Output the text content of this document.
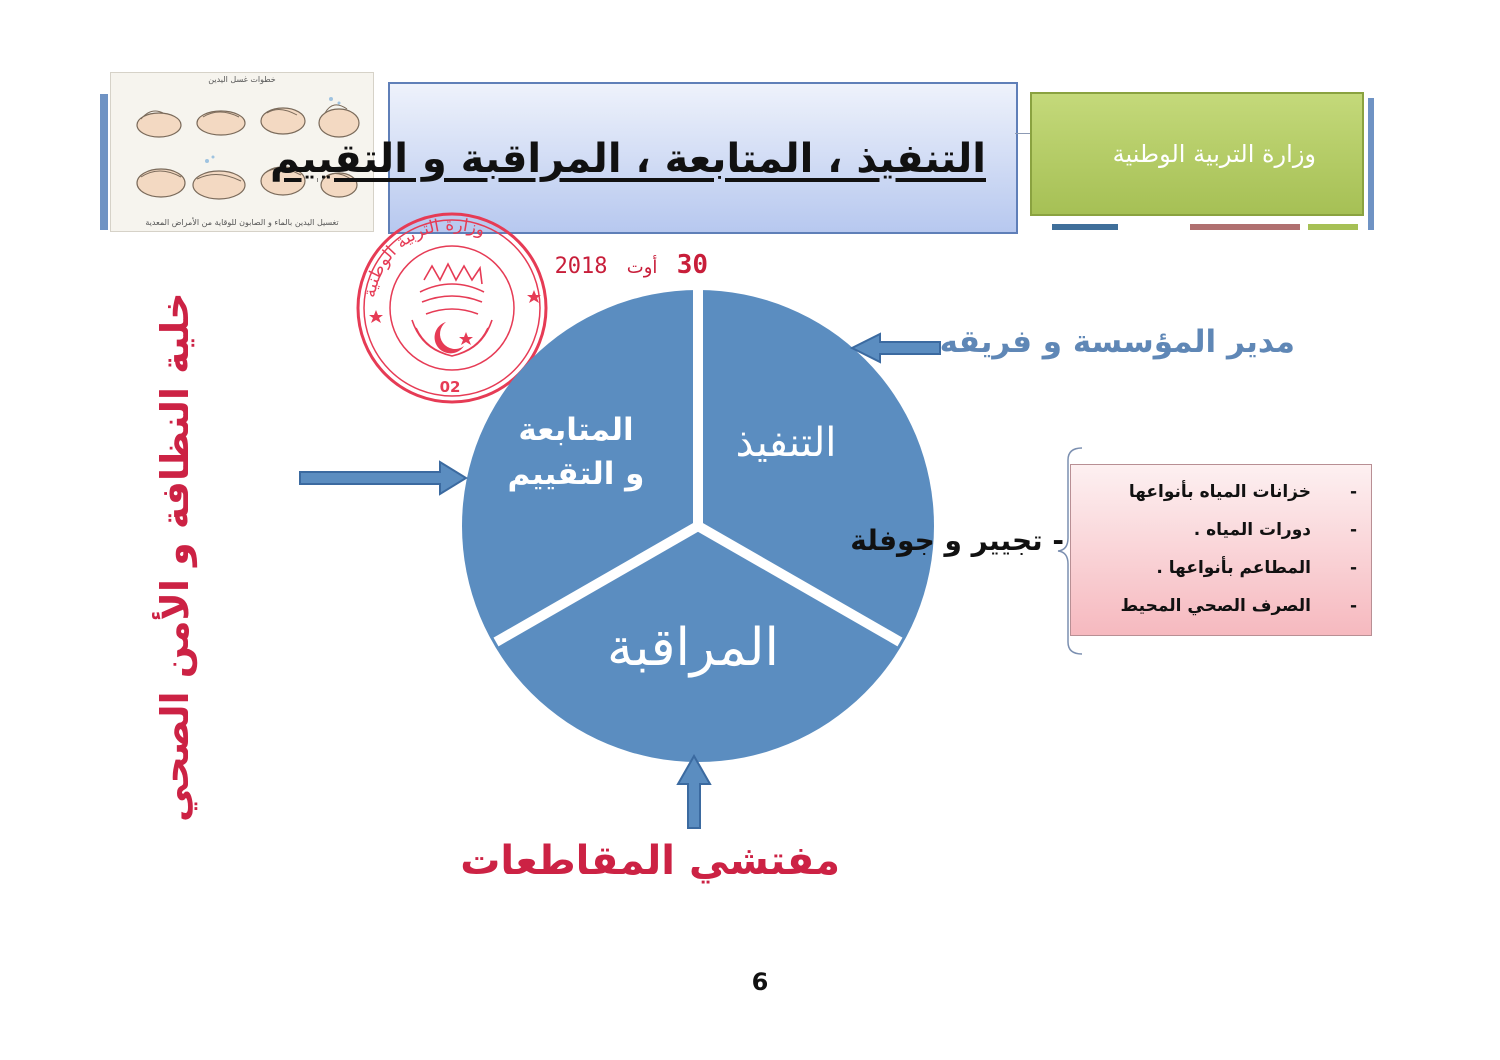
خطوات غسل اليدين
تغسيل اليدين بالماء و الصابون للوقاية من الأمراض المعدية
التنفيذ ، المتابعة ، المراقبة و التقييم	وزارة التربية الوطنية
وزارة التربية الوطنية
02
30 أوت 2018
التنفيذ
المتابعة
و التقييم
المراقبة
مدير المؤسسة و فريقه
خلية النظافة و الأمن الصحي
مفتشي المقاطعات
- تجيير و جوفلة
-
خزانات المياه بأنواعها
-
دورات المياه .
-
المطاعم بأنواعها .
-
الصرف الصحي المحيط
6
